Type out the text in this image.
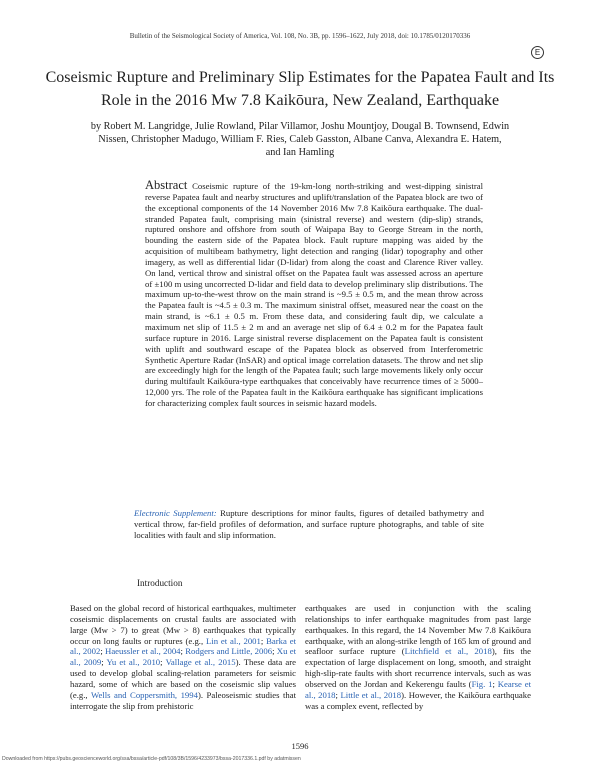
Bulletin of the Seismological Society of America, Vol. 108, No. 3B, pp. 1596–1622, July 2018, doi: 10.1785/0120170336
E
Coseismic Rupture and Preliminary Slip Estimates for the Papatea Fault and Its Role in the 2016 Mw 7.8 Kaikōura, New Zealand, Earthquake
by Robert M. Langridge, Julie Rowland, Pilar Villamor, Joshu Mountjoy, Dougal B. Townsend, Edwin Nissen, Christopher Madugo, William F. Ries, Caleb Gasston, Albane Canva, Alexandra E. Hatem, and Ian Hamling
Abstract Coseismic rupture of the 19-km-long north-striking and west-dipping sinistral reverse Papatea fault and nearby structures and uplift/translation of the Papatea block are two of the exceptional components of the 14 November 2016 Mw 7.8 Kaikōura earthquake. The dual-stranded Papatea fault, comprising main (sinistral reverse) and western (dip-slip) strands, ruptured onshore and offshore from south of Waipapa Bay to George Stream in the north, bounding the eastern side of the Papatea block. Fault rupture mapping was aided by the acquisition of multibeam bathymetry, light detection and ranging (lidar) topography and other imagery, as well as differential lidar (D-lidar) from along the coast and Clarence River valley. On land, vertical throw and sinistral offset on the Papatea fault was assessed across an aperture of ±100 m using uncorrected D-lidar and field data to develop preliminary slip distributions. The maximum up-to-the-west throw on the main strand is ~9.5 ± 0.5 m, and the mean throw across the Papatea fault is ~4.5 ± 0.3 m. The maximum sinistral offset, measured near the coast on the main strand, is ~6.1 ± 0.5 m. From these data, and considering fault dip, we calculate a maximum net slip of 11.5 ± 2 m and an average net slip of 6.4 ± 0.2 m for the Papatea fault surface rupture in 2016. Large sinistral reverse displacement on the Papatea fault is consistent with uplift and southward escape of the Papatea block as observed from Interferometric Synthetic Aperture Radar (InSAR) and optical image correlation datasets. The throw and net slip are exceedingly high for the length of the Papatea fault; such large movements likely only occur during multifault Kaikōura-type earthquakes that conceivably have recurrence times of ≥ 5000–12,000 yrs. The role of the Papatea fault in the Kaikōura earthquake has significant implications for characterizing complex fault sources in seismic hazard models.
Electronic Supplement: Rupture descriptions for minor faults, figures of detailed bathymetry and vertical throw, far-field profiles of deformation, and surface rupture photographs, and table of site localities with fault and slip information.
Introduction
Based on the global record of historical earthquakes, multimeter coseismic displacements on crustal faults are associated with large (Mw > 7) to great (Mw > 8) earthquakes that typically occur on long faults or ruptures (e.g., Lin et al., 2001; Barka et al., 2002; Haeussler et al., 2004; Rodgers and Little, 2006; Xu et al., 2009; Yu et al., 2010; Vallage et al., 2015). These data are used to develop global scaling-relation parameters for seismic hazard, some of which are based on the coseismic slip values (e.g., Wells and Coppersmith, 1994). Paleoseismic studies that interrogate the slip from prehistoric
earthquakes are used in conjunction with the scaling relationships to infer earthquake magnitudes from past large earthquakes. In this regard, the 14 November Mw 7.8 Kaikōura earthquake, with an along-strike length of 165 km of ground and seafloor surface rupture (Litchfield et al., 2018), fits the expectation of large displacement on long, smooth, and straight high-slip-rate faults with short recurrence intervals, such as was observed on the Jordan and Kekerengu faults (Fig. 1; Kearse et al., 2018; Little et al., 2018). However, the Kaikōura earthquake was a complex event, reflected by
1596
Downloaded from https://pubs.geoscienceworld.org/ssa/bssa/article-pdf/108/3B/1596/4233973/bssa-2017336.1.pdf by adatmissen
